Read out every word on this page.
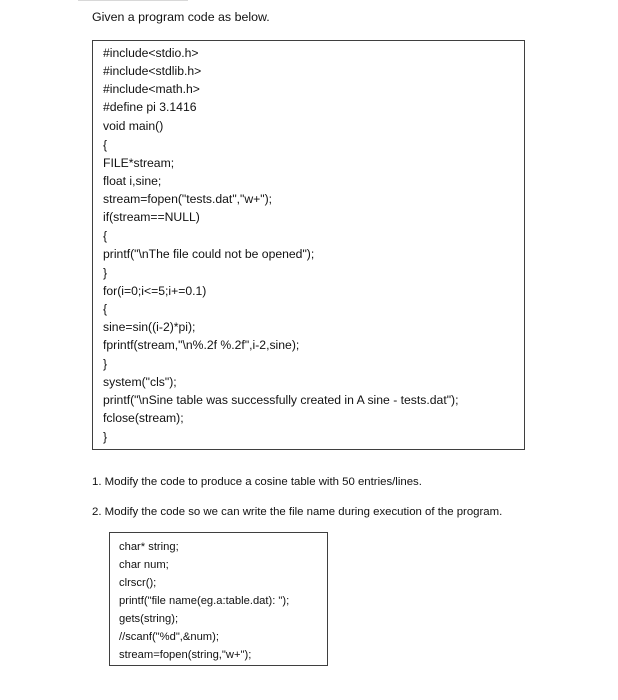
Given a program code as below.
#include<stdio.h>
#include<stdlib.h>
#include<math.h>
#define pi 3.1416
void main()
{
FILE*stream;
float i,sine;
stream=fopen("tests.dat","w+");
if(stream==NULL)
{
printf("\nThe file could not be opened");
}
for(i=0;i<=5;i+=0.1)
{
sine=sin((i-2)*pi);
fprintf(stream,"\n%.2f %.2f",i-2,sine);
}
system("cls");
printf("\nSine table was successfully created in A sine - tests.dat");
fclose(stream);
}
1. Modify the code to produce a cosine table with 50 entries/lines.
2. Modify the code so we can write the file name during execution of the program.
char* string;
char num;
clrscr();
printf("file name(eg.a:table.dat): ");
gets(string);
//scanf("%d",&num);
stream=fopen(string,"w+");
